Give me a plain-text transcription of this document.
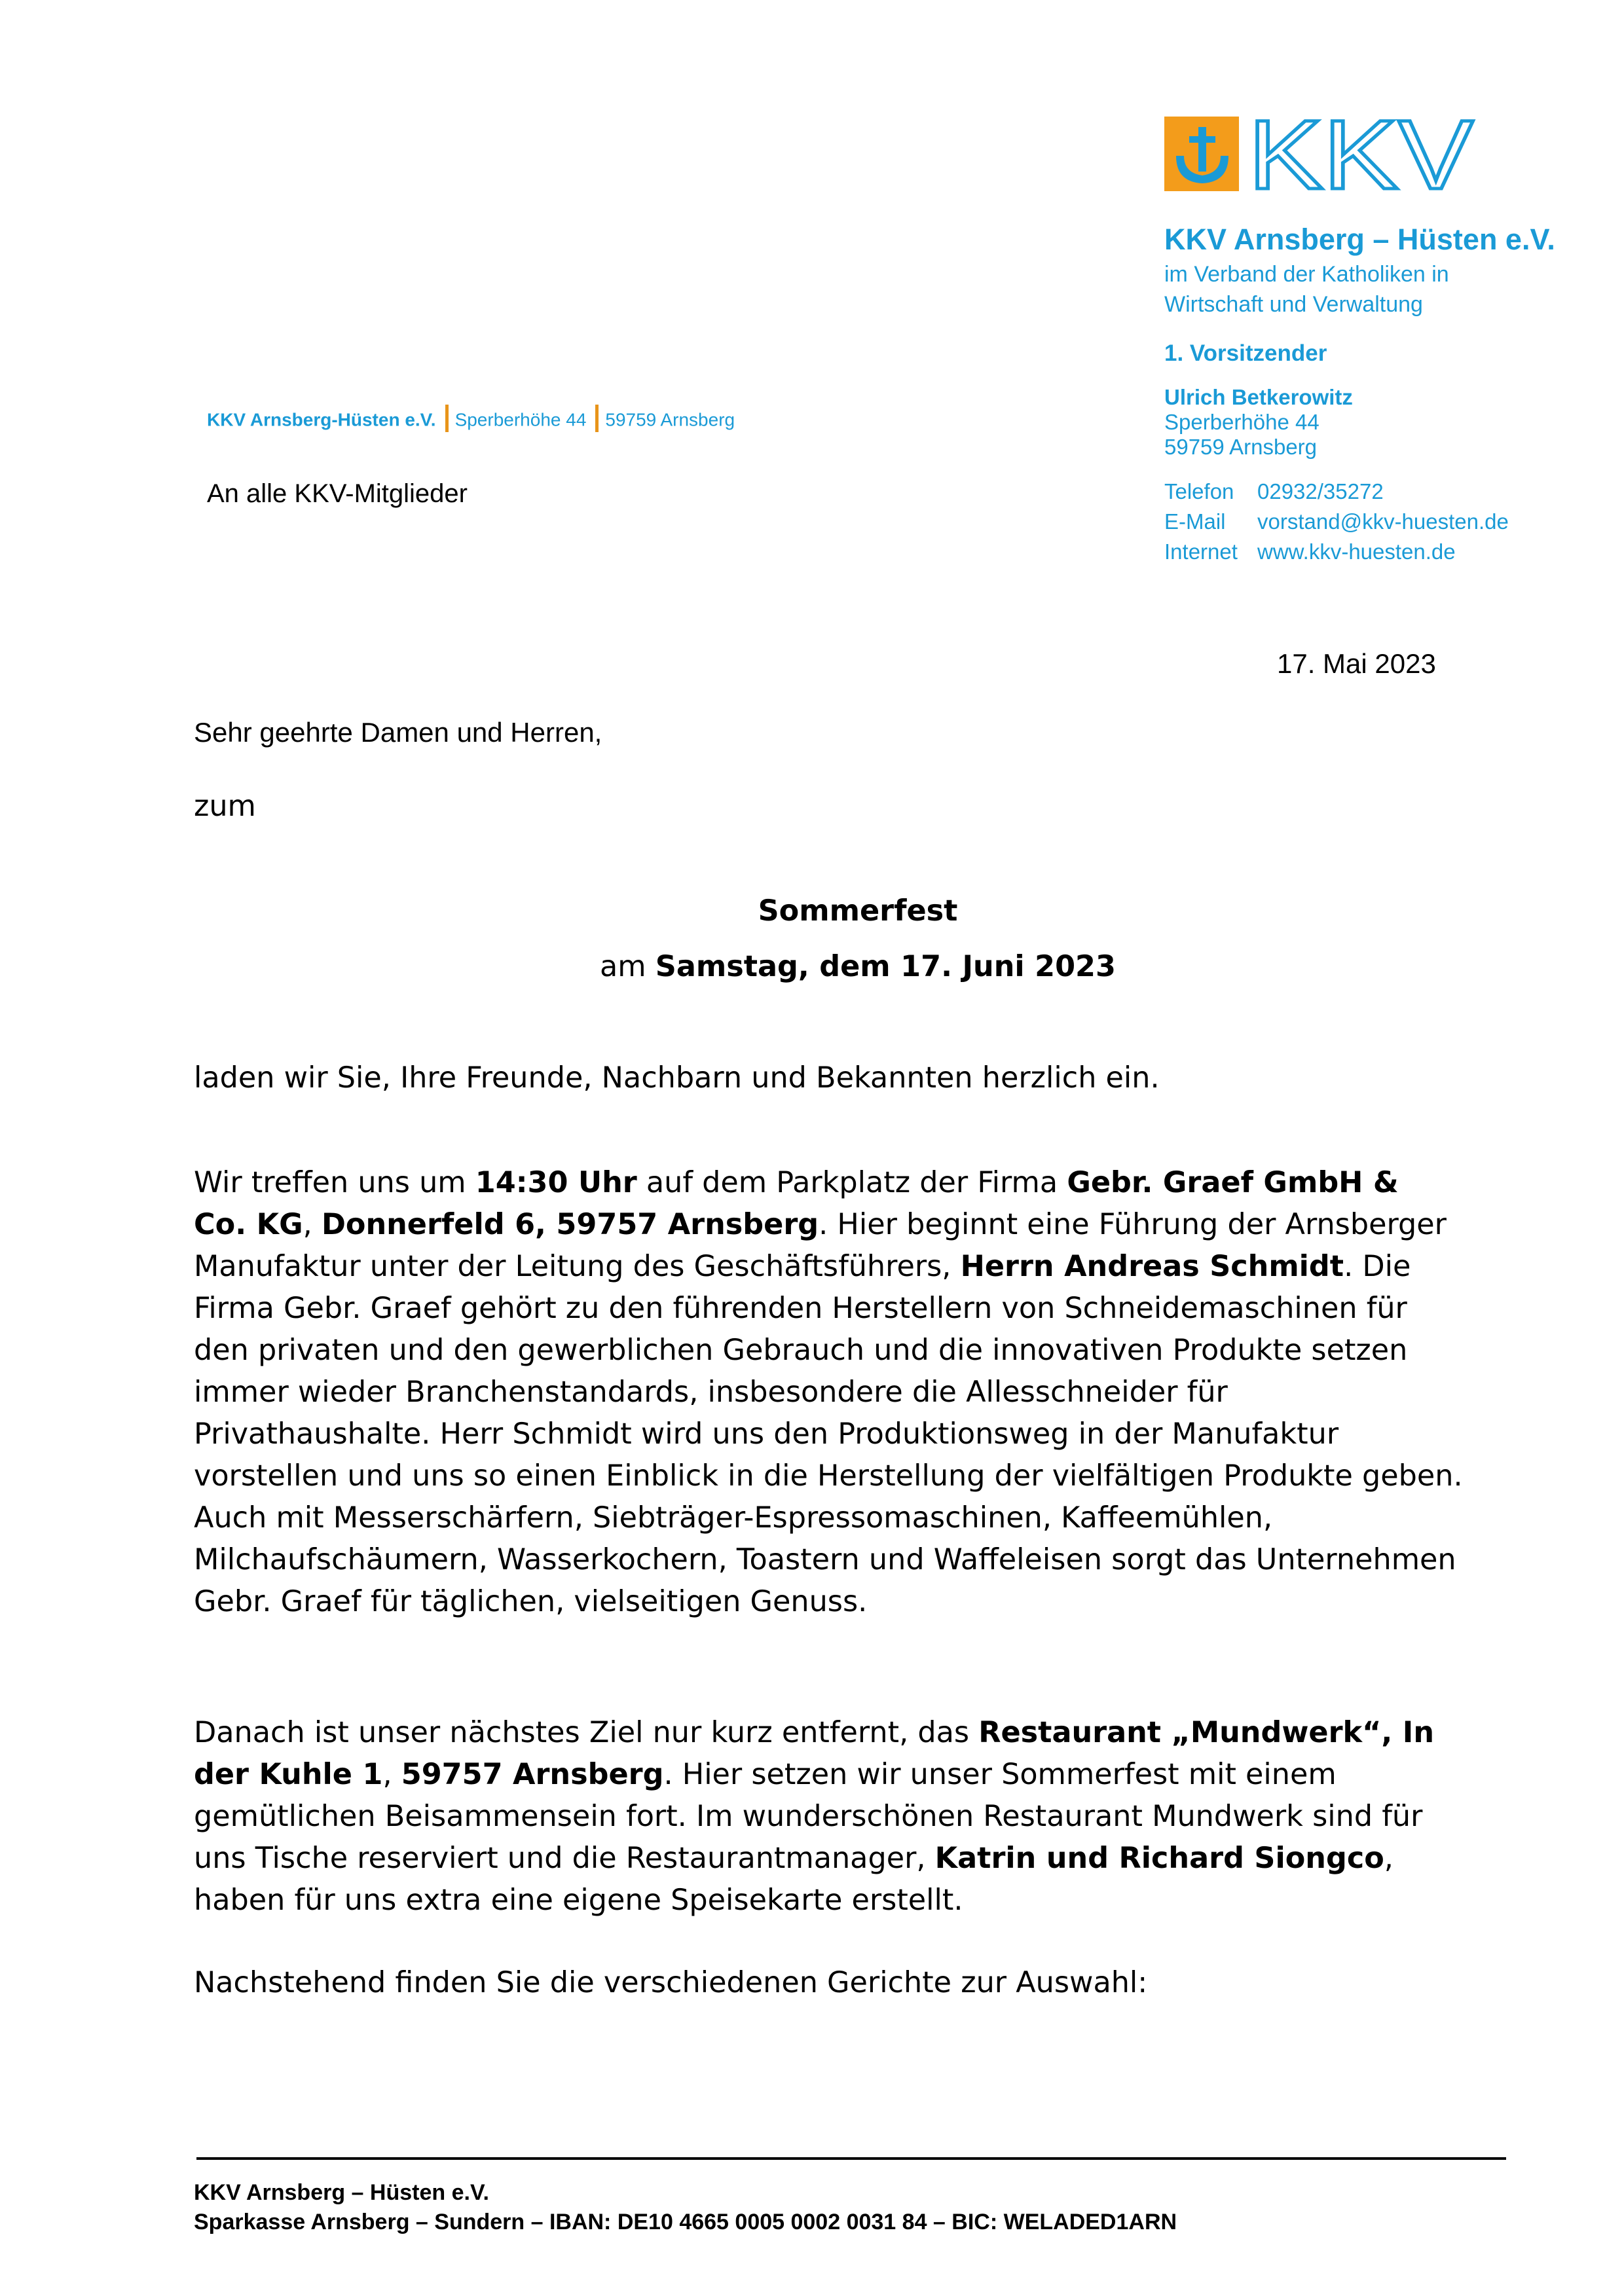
KKV
KKV Arnsberg – Hüsten e.V.
im Verband der Katholiken in
Wirtschaft und Verwaltung
1. Vorsitzender
Ulrich Betkerowitz
Sperberhöhe 44
59759 Arnsberg
Telefon 02932/35272
E-Mail vorstand@kkv-huesten.de
Internet www.kkv-huesten.de
KKV Arnsberg-Hüsten e.V. Sperberhöhe 44 59759 Arnsberg
An alle KKV-Mitglieder
17. Mai 2023
Sehr geehrte Damen und Herren,
zum
Sommerfest
am Samstag, dem 17. Juni 2023
laden wir Sie, Ihre Freunde, Nachbarn und Bekannten herzlich ein.
Wir treffen uns um 14:30 Uhr auf dem Parkplatz der Firma Gebr. Graef GmbH &
Co. KG, Donnerfeld 6, 59757 Arnsberg. Hier beginnt eine Führung der Arnsberger
Manufaktur unter der Leitung des Geschäftsführers, Herrn Andreas Schmidt. Die
Firma Gebr. Graef gehört zu den führenden Herstellern von Schneidemaschinen für
den privaten und den gewerblichen Gebrauch und die innovativen Produkte setzen
immer wieder Branchenstandards, insbesondere die Allesschneider für
Privathaushalte. Herr Schmidt wird uns den Produktionsweg in der Manufaktur
vorstellen und uns so einen Einblick in die Herstellung der vielfältigen Produkte geben.
Auch mit Messerschärfern, Siebträger-Espressomaschinen, Kaffeemühlen,
Milchaufschäumern, Wasserkochern, Toastern und Waffeleisen sorgt das Unternehmen
Gebr. Graef für täglichen, vielseitigen Genuss.
Danach ist unser nächstes Ziel nur kurz entfernt, das Restaurant „Mundwerk“, In
der Kuhle 1, 59757 Arnsberg. Hier setzen wir unser Sommerfest mit einem
gemütlichen Beisammensein fort. Im wunderschönen Restaurant Mundwerk sind für
uns Tische reserviert und die Restaurantmanager, Katrin und Richard Siongco,
haben für uns extra eine eigene Speisekarte erstellt.
Nachstehend finden Sie die verschiedenen Gerichte zur Auswahl:
KKV Arnsberg – Hüsten e.V.
Sparkasse Arnsberg – Sundern – IBAN: DE10 4665 0005 0002 0031 84 – BIC: WELADED1ARN
